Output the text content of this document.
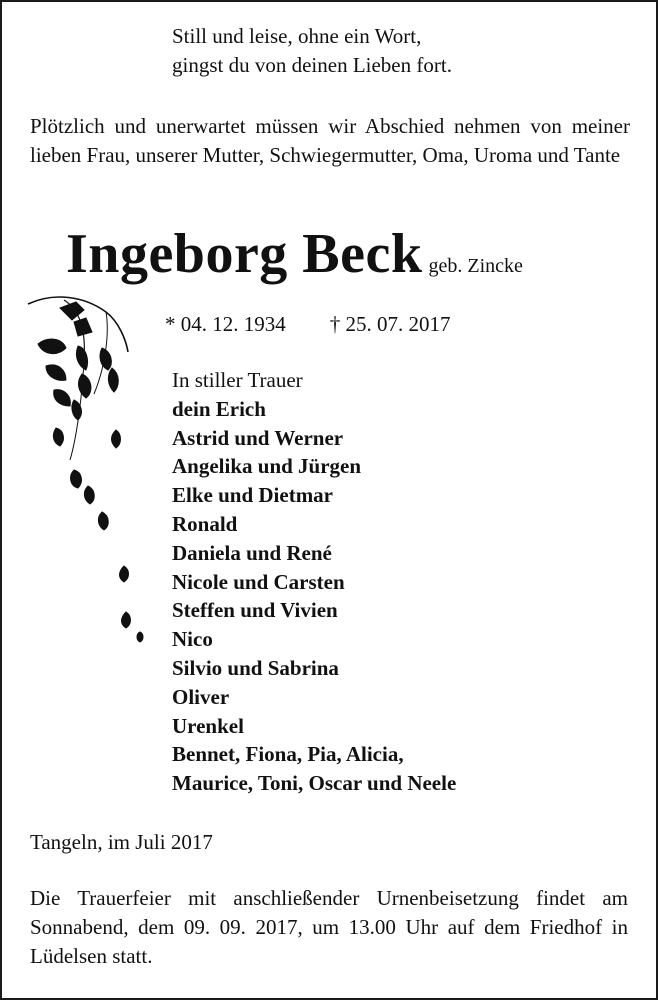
Still und leise, ohne ein Wort,
gingst du von deinen Lieben fort.
Plötzlich und unerwartet müssen wir Abschied nehmen von meiner lieben Frau, unserer Mutter, Schwiegermutter, Oma, Uroma und Tante
Ingeborg Beck geb. Zincke
* 04. 12. 1934 † 25. 07. 2017
In stiller Trauer
dein Erich
Astrid und Werner
Angelika und Jürgen
Elke und Dietmar
Ronald
Daniela und René
Nicole und Carsten
Steffen und Vivien
Nico
Silvio und Sabrina
Oliver
Urenkel
Bennet, Fiona, Pia, Alicia,
Maurice, Toni, Oscar und Neele
Tangeln, im Juli 2017
Die Trauerfeier mit anschließender Urnenbeisetzung findet am Sonnabend, dem 09. 09. 2017, um 13.00 Uhr auf dem Friedhof in Lüdelsen statt.
